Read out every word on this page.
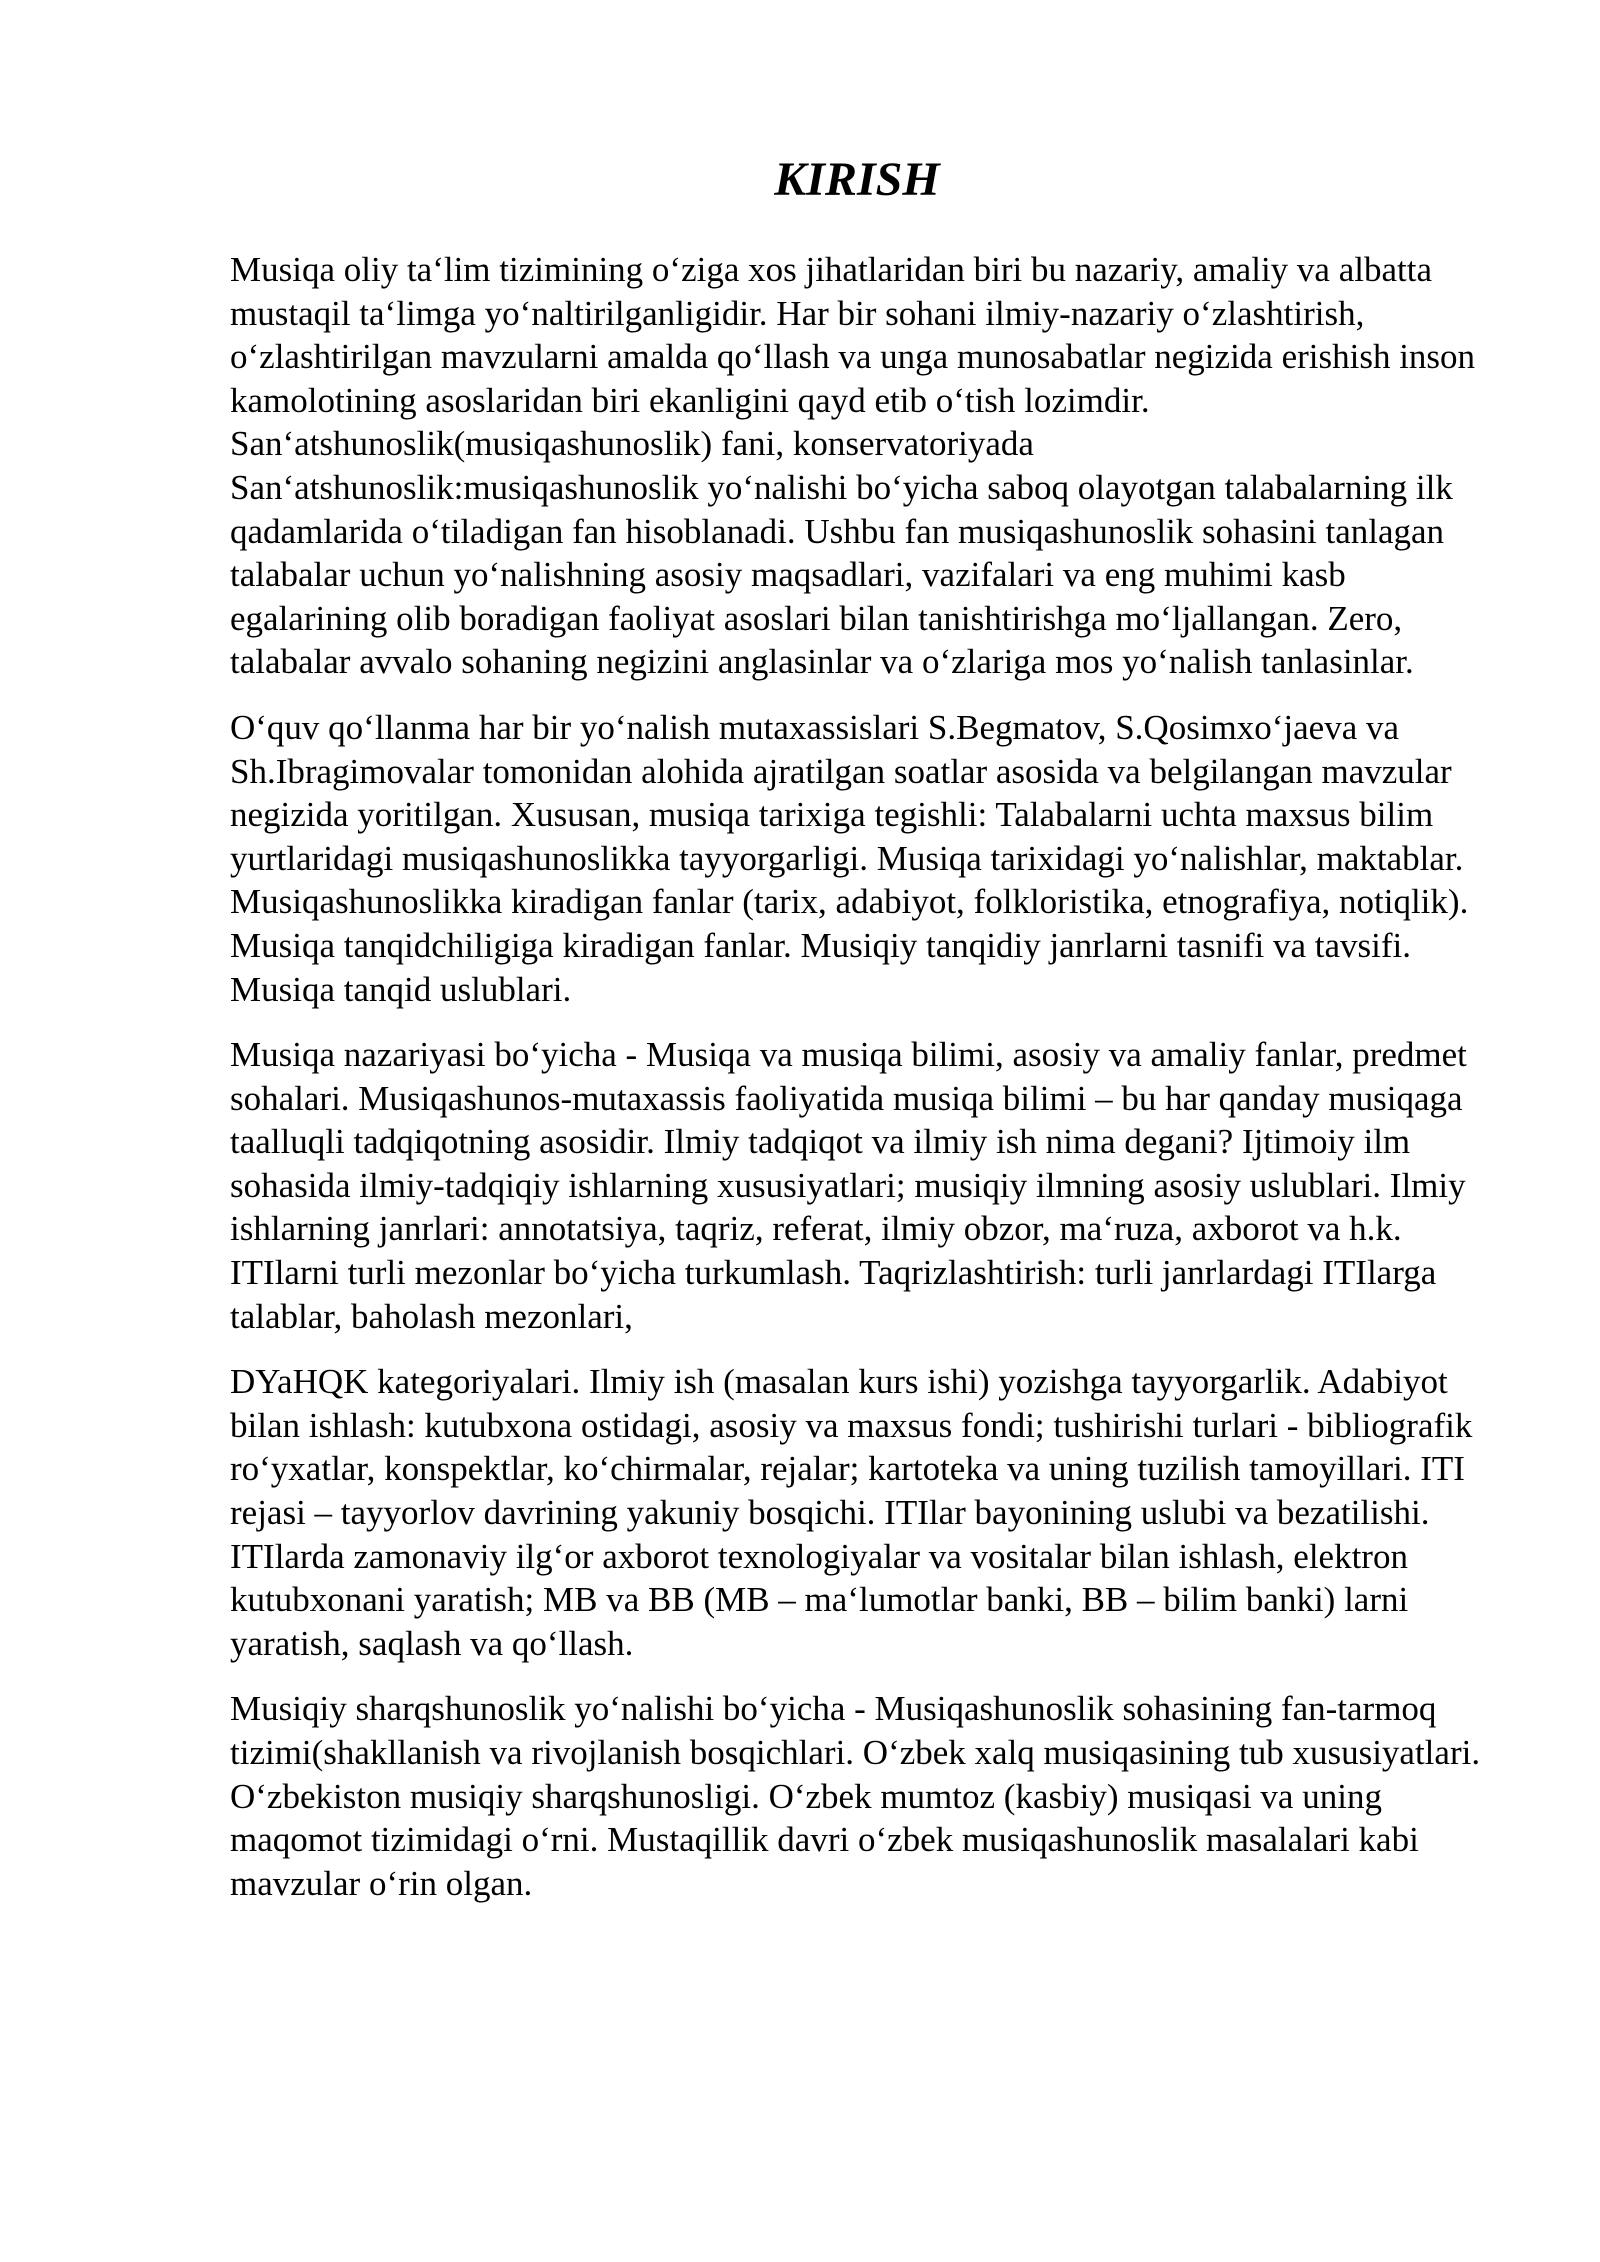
KIRISH

Musiqa oliy ta‘lim tizimining o‘ziga xos jihatlaridan biri bu nazariy, amaliy va albatta mustaqil ta‘limga yo‘naltirilganligidir. Har bir sohani ilmiy-nazariy o‘zlashtirish, o‘zlashtirilgan mavzularni amalda qo‘llash va unga munosabatlar negizida erishish inson kamolotining asoslaridan biri ekanligini qayd etib o‘tish lozimdir. San‘atshunoslik(musiqashunoslik) fani, konservatoriyada San‘atshunoslik:musiqashunoslik yo‘nalishi bo‘yicha saboq olayotgan talabalarning ilk qadamlarida o‘tiladigan fan hisoblanadi. Ushbu fan musiqashunoslik sohasini tanlagan talabalar uchun yo‘nalishning asosiy maqsadlari, vazifalari va eng muhimi kasb egalarining olib boradigan faoliyat asoslari bilan tanishtirishga mo‘ljallangan. Zero, talabalar avvalo sohaning negizini anglasinlar va o‘zlariga mos yo‘nalish tanlasinlar.

O‘quv qo‘llanma har bir yo‘nalish mutaxassislari S.Begmatov, S.Qosimxo‘jaeva va Sh.Ibragimovalar tomonidan alohida ajratilgan soatlar asosida va belgilangan mavzular negizida yoritilgan. Xususan, musiqa tarixiga tegishli: Talabalarni uchta maxsus bilim yurtlaridagi musiqashunoslikka tayyorgarligi. Musiqa tarixidagi yo‘nalishlar, maktablar. Musiqashunoslikka kiradigan fanlar (tarix, adabiyot, folkloristika, etnografiya, notiqlik). Musiqa tanqidchiligiga kiradigan fanlar. Musiqiy tanqidiy janrlarni tasnifi va tavsifi. Musiqa tanqid uslublari.

Musiqa nazariyasi bo‘yicha - Musiqa va musiqa bilimi, asosiy va amaliy fanlar, predmet sohalari. Musiqashunos-mutaxassis faoliyatida musiqa bilimi – bu har qanday musiqaga taalluqli tadqiqotning asosidir. Ilmiy tadqiqot va ilmiy ish nima degani? Ijtimoiy ilm sohasida ilmiy-tadqiqiy ishlarning xususiyatlari; musiqiy ilmning asosiy uslublari. Ilmiy ishlarning janrlari: annotatsiya, taqriz, referat, ilmiy obzor, ma‘ruza, axborot va h.k. ITIlarni turli mezonlar bo‘yicha turkumlash. Taqrizlashtirish: turli janrlardagi ITIlarga talablar, baholash mezonlari,

DYaHQK kategoriyalari. Ilmiy ish (masalan kurs ishi) yozishga tayyorgarlik. Adabiyot bilan ishlash: kutubxona ostidagi, asosiy va maxsus fondi; tushirishi turlari - bibliografik ro‘yxatlar, konspektlar, ko‘chirmalar, rejalar; kartoteka va uning tuzilish tamoyillari. ITI rejasi – tayyorlov davrining yakuniy bosqichi. ITIlar bayonining uslubi va bezatilishi. ITIlarda zamonaviy ilg‘or axborot texnologiyalar va vositalar bilan ishlash, elektron kutubxonani yaratish; MB va BB (MB – ma‘lumotlar banki, BB – bilim banki) larni yaratish, saqlash va qo‘llash.

Musiqiy sharqshunoslik yo‘nalishi bo‘yicha - Musiqashunoslik sohasining fan-tarmoq tizimi(shakllanish va rivojlanish bosqichlari. O‘zbek xalq musiqasining tub xususiyatlari. O‘zbekiston musiqiy sharqshunosligi. O‘zbek mumtoz (kasbiy) musiqasi va uning maqomot tizimidagi o‘rni. Mustaqillik davri o‘zbek musiqashunoslik masalalari kabi mavzular o‘rin olgan.
